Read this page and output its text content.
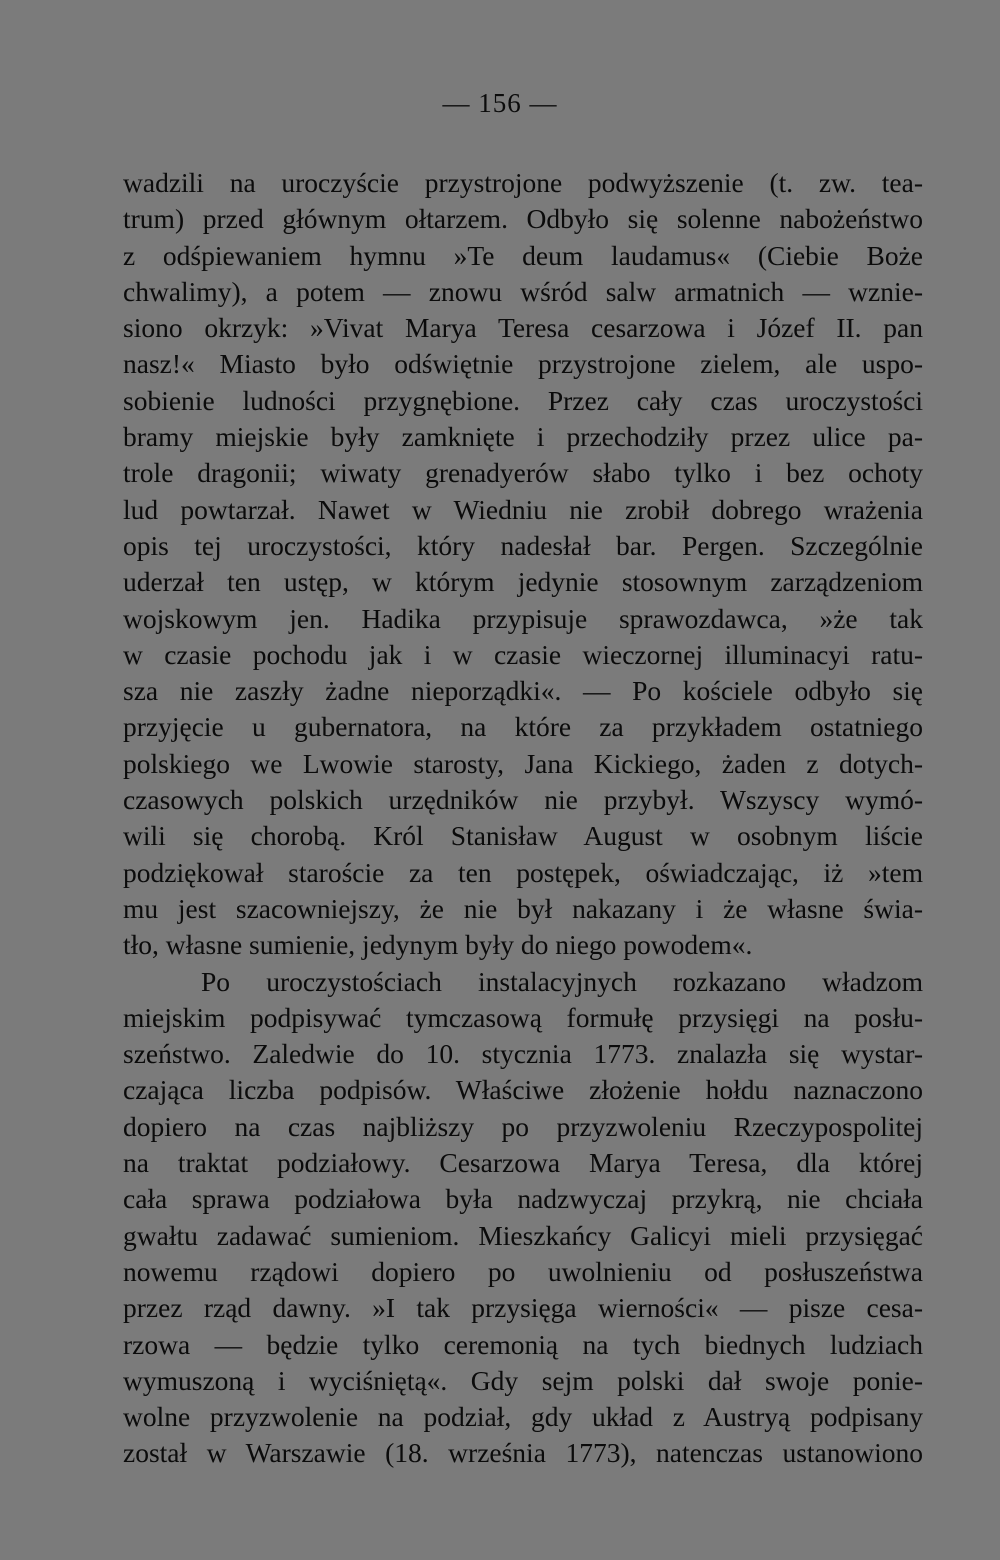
— 156 —
wadzili na uroczyście przystrojone podwyższenie (t. zw. tea-
trum) przed głównym ołtarzem. Odbyło się solenne nabożeństwo
z odśpiewaniem hymnu »Te deum laudamus« (Ciebie Boże
chwalimy), a potem — znowu wśród salw armatnich — wznie-
siono okrzyk: »Vivat Marya Teresa cesarzowa i Józef II. pan
nasz!« Miasto było odświętnie przystrojone zielem, ale uspo-
sobienie ludności przygnębione. Przez cały czas uroczystości
bramy miejskie były zamknięte i przechodziły przez ulice pa-
trole dragonii; wiwaty grenadyerów słabo tylko i bez ochoty
lud powtarzał. Nawet w Wiedniu nie zrobił dobrego wrażenia
opis tej uroczystości, który nadesłał bar. Pergen. Szczególnie
uderzał ten ustęp, w którym jedynie stosownym zarządzeniom
wojskowym jen. Hadika przypisuje sprawozdawca, »że tak
w czasie pochodu jak i w czasie wieczornej illuminacyi ratu-
sza nie zaszły żadne nieporządki«. — Po kościele odbyło się
przyjęcie u gubernatora, na które za przykładem ostatniego
polskiego we Lwowie starosty, Jana Kickiego, żaden z dotych-
czasowych polskich urzędników nie przybył. Wszyscy wymó-
wili się chorobą. Król Stanisław August w osobnym liście
podziękował staroście za ten postępek, oświadczając, iż »tem
mu jest szacowniejszy, że nie był nakazany i że własne świa-
tło, własne sumienie, jedynym były do niego powodem«.
Po uroczystościach instalacyjnych rozkazano władzom
miejskim podpisywać tymczasową formułę przysięgi na posłu-
szeństwo. Zaledwie do 10. stycznia 1773. znalazła się wystar-
czająca liczba podpisów. Właściwe złożenie hołdu naznaczono
dopiero na czas najbliższy po przyzwoleniu Rzeczypospolitej
na traktat podziałowy. Cesarzowa Marya Teresa, dla której
cała sprawa podziałowa była nadzwyczaj przykrą, nie chciała
gwałtu zadawać sumieniom. Mieszkańcy Galicyi mieli przysięgać
nowemu rządowi dopiero po uwolnieniu od posłuszeństwa
przez rząd dawny. »I tak przysięga wierności« — pisze cesa-
rzowa — będzie tylko ceremonią na tych biednych ludziach
wymuszoną i wyciśniętą«. Gdy sejm polski dał swoje ponie-
wolne przyzwolenie na podział, gdy układ z Austryą podpisany
został w Warszawie (18. września 1773), natenczas ustanowiono
